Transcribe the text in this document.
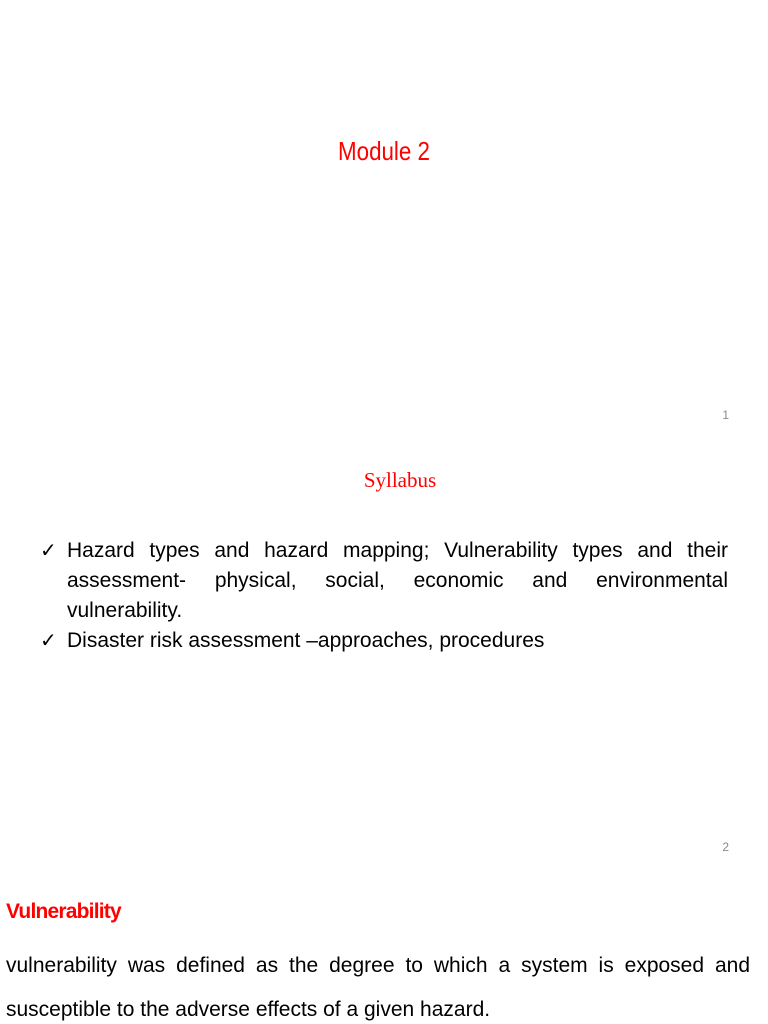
Module 2
1
Syllabus
✓ Hazard types and hazard mapping; Vulnerability types and their assessment- physical, social, economic and environmental vulnerability.
✓ Disaster risk assessment –approaches, procedures
2
Vulnerability

vulnerability was defined as the degree to which a system is exposed and susceptible to the adverse effects of a given hazard.
